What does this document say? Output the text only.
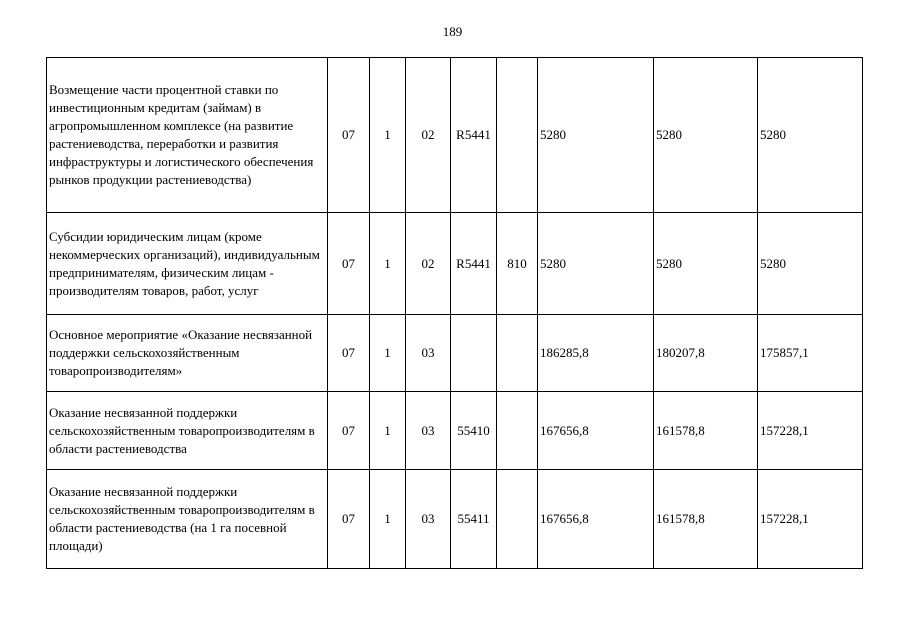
189
Возмещение части процентной ставки по инвестиционным кредитам (займам) в агропромышленном комплексе (на развитие растениеводства, переработки и развития инфраструктуры и логистического обеспечения рынков продукции растениеводства)	07	1	02	R5441		5280	5280	5280
Субсидии юридическим лицам (кроме некоммерческих организаций), индивидуальным предпринимателям, физическим лицам - производителям товаров, работ, услуг	07	1	02	R5441	810	5280	5280	5280
Основное мероприятие «Оказание несвязанной поддержки сельскохозяйственным товаропроизводителям»	07	1	03			186285,8	180207,8	175857,1
Оказание несвязанной поддержки сельскохозяйственным товаропроизводителям в области растениеводства	07	1	03	55410		167656,8	161578,8	157228,1
Оказание несвязанной поддержки сельскохозяйственным товаропроизводителям в области растениеводства (на 1 га посевной площади)	07	1	03	55411		167656,8	161578,8	157228,1
